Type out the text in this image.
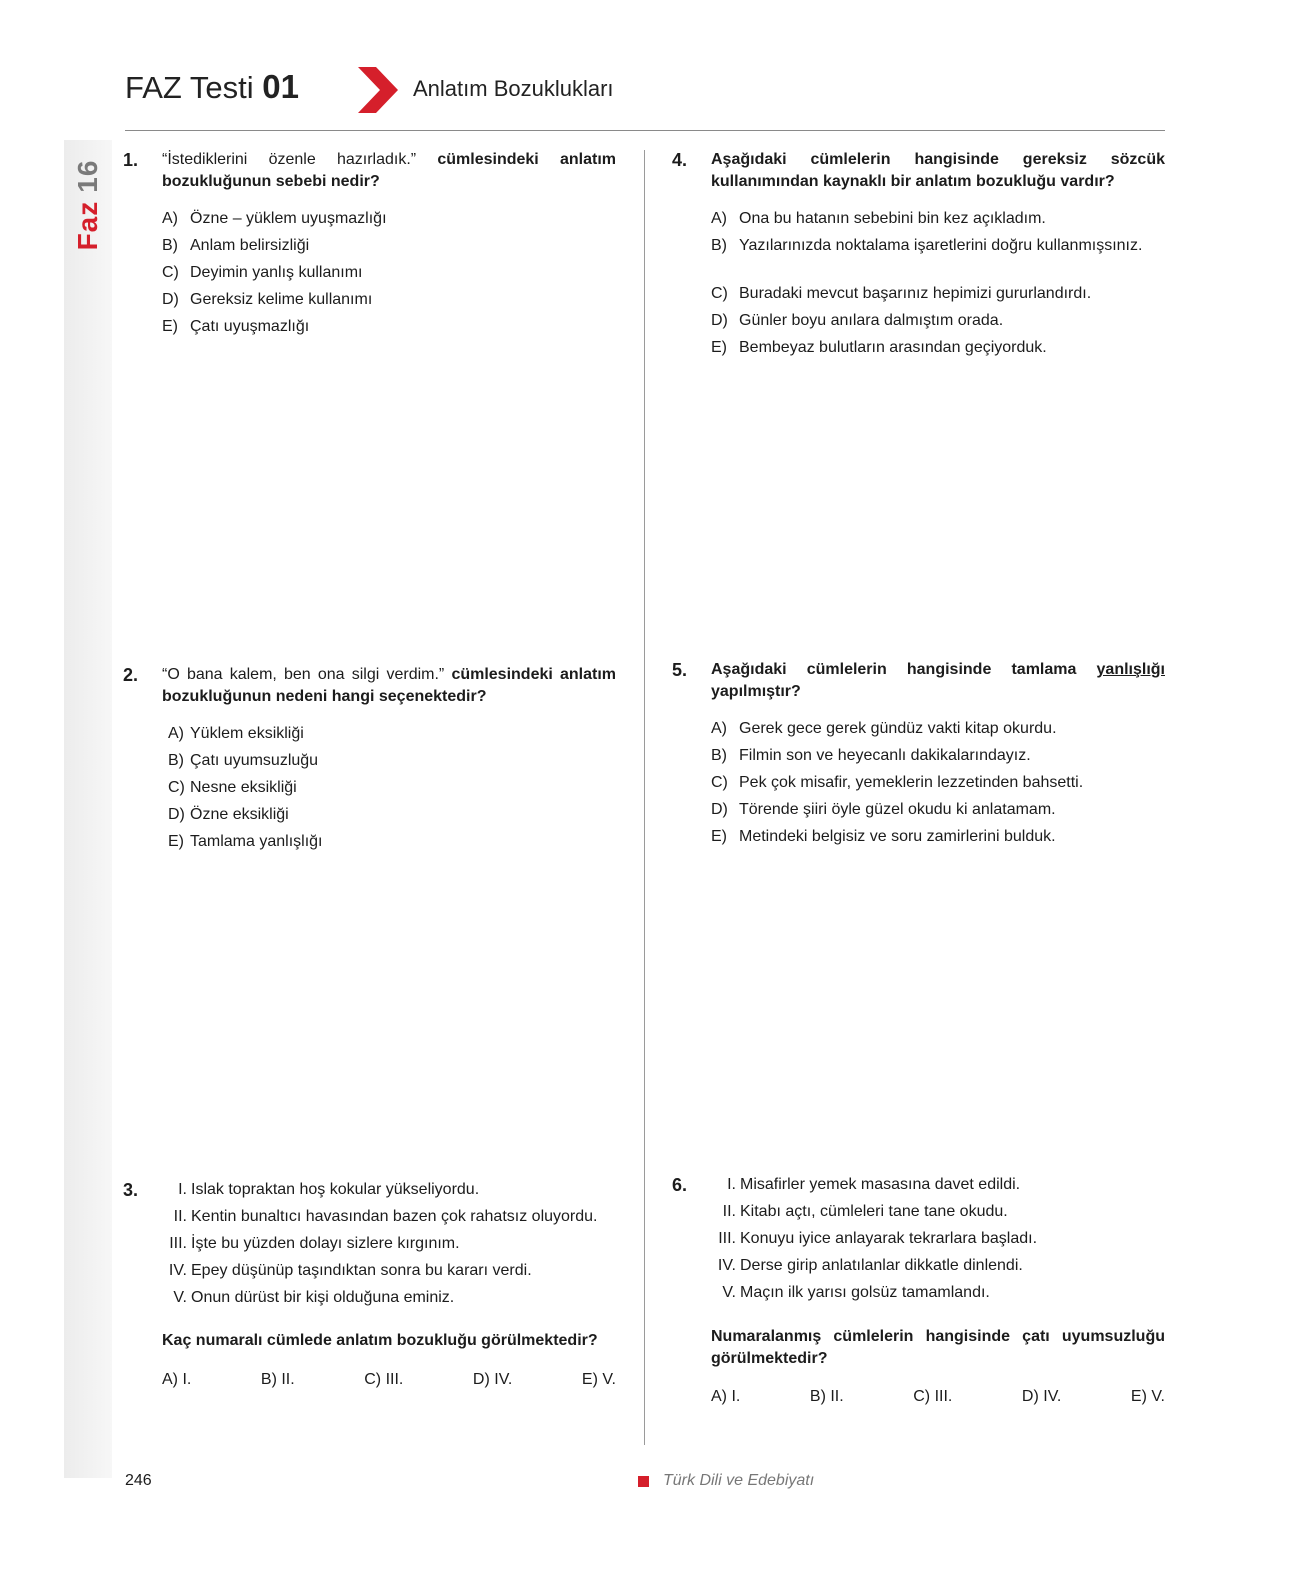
Faz16
FAZ Testi 01	Anlatım Bozuklukları
1. “İstediklerini özenle hazırladık.” cümlesindeki anlatım bozukluğunun sebebi nedir?
A) Özne – yüklem uyuşmazlığı
B) Anlam belirsizliği
C) Deyimin yanlış kullanımı
D) Gereksiz kelime kullanımı
E) Çatı uyuşmazlığı
2. “O bana kalem, ben ona silgi verdim.” cümlesindeki anlatım bozukluğunun nedeni hangi seçenektedir?
A) Yüklem eksikliği
B) Çatı uyumsuzluğu
C) Nesne eksikliği
D) Özne eksikliği
E) Tamlama yanlışlığı
3.	I. Islak topraktan hoş kokular yükseliyordu.
II. Kentin bunaltıcı havasından bazen çok rahatsız oluyordu.
III. İşte bu yüzden dolayı sizlere kırgınım.
IV. Epey düşünüp taşındıktan sonra bu kararı verdi.
V. Onun dürüst bir kişi olduğuna eminiz.
Kaç numaralı cümlede anlatım bozukluğu görülmektedir?
A) I.	B) II.	C) III.	D) IV.	E) V.
4. Aşağıdaki cümlelerin hangisinde gereksiz sözcük kullanımından kaynaklı bir anlatım bozukluğu vardır?
A) Ona bu hatanın sebebini bin kez açıkladım.
B) Yazılarınızda noktalama işaretlerini doğru kullanmışsınız.
C) Buradaki mevcut başarınız hepimizi gururlandırdı.
D) Günler boyu anılara dalmıştım orada.
E) Bembeyaz bulutların arasından geçiyorduk.
5. Aşağıdaki cümlelerin hangisinde tamlama yanlışlığı yapılmıştır?
A) Gerek gece gerek gündüz vakti kitap okurdu.
B) Filmin son ve heyecanlı dakikalarındayız.
C) Pek çok misafir, yemeklerin lezzetinden bahsetti.
D) Törende şiiri öyle güzel okudu ki anlatamam.
E) Metindeki belgisiz ve soru zamirlerini bulduk.
6.	I. Misafirler yemek masasına davet edildi.
II. Kitabı açtı, cümleleri tane tane okudu.
III. Konuyu iyice anlayarak tekrarlara başladı.
IV. Derse girip anlatılanlar dikkatle dinlendi.
V. Maçın ilk yarısı golsüz tamamlandı.
Numaralanmış cümlelerin hangisinde çatı uyumsuzluğu görülmektedir?
A) I.	B) II.	C) III.	D) IV.	E) V.
246	Türk Dili ve Edebiyatı
